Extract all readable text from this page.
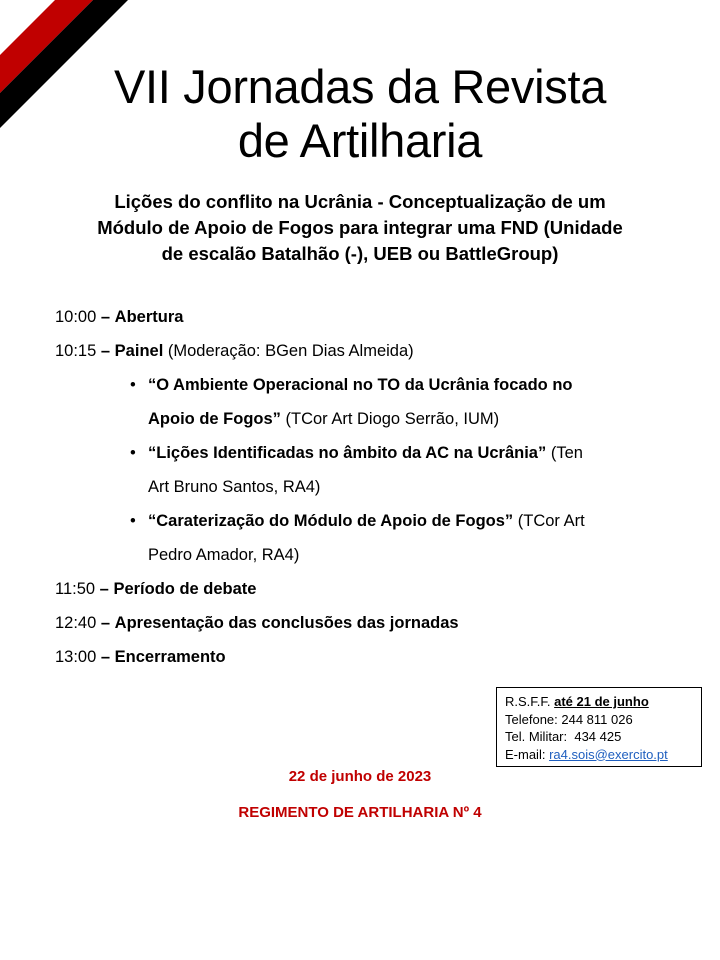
VII Jornadas da Revista
de Artilharia
Lições do conflito na Ucrânia - Conceptualização de um
Módulo de Apoio de Fogos para integrar uma FND (Unidade
de escalão Batalhão (-), UEB ou BattleGroup)
10:00 – Abertura
10:15 – Painel (Moderação: BGen Dias Almeida)
• “O Ambiente Operacional no TO da Ucrânia focado no
Apoio de Fogos” (TCor Art Diogo Serrão, IUM)
• “Lições Identificadas no âmbito da AC na Ucrânia” (Ten
Art Bruno Santos, RA4)
• “Caraterização do Módulo de Apoio de Fogos” (TCor Art
Pedro Amador, RA4)
11:50 – Período de debate
12:40 – Apresentação das conclusões das jornadas
13:00 – Encerramento
R.S.F.F. até 21 de junho
Telefone: 244 811 026
Tel. Militar:  434 425
E-mail: ra4.sois@exercito.pt
22 de junho de 2023
REGIMENTO DE ARTILHARIA Nº 4
